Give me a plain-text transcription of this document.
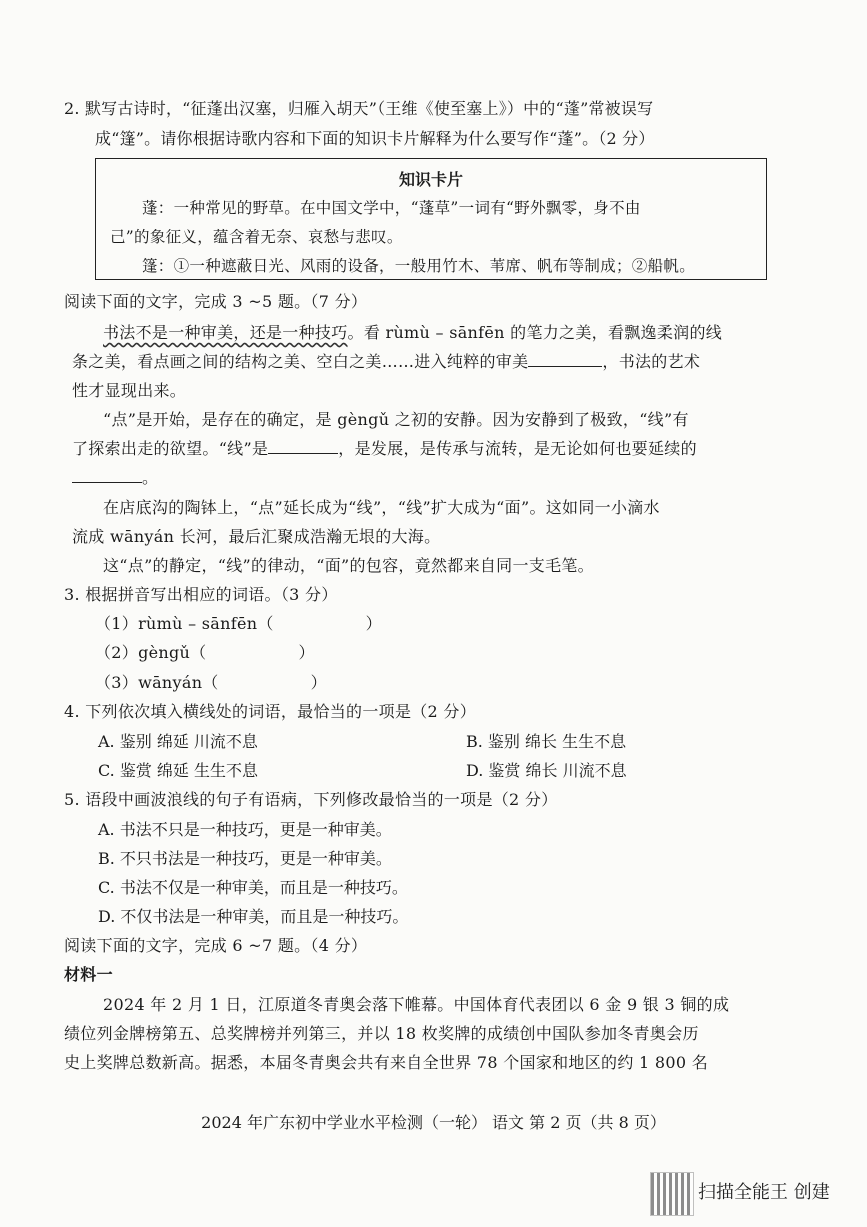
2. 默写古诗时，“征蓬出汉塞，归雁入胡天”（王维《使至塞上》）中的“蓬”常被误写
成“篷”。请你根据诗歌内容和下面的知识卡片解释为什么要写作“蓬”。（2 分）
知识卡片
蓬：一种常见的野草。在中国文学中，“蓬草”一词有“野外飘零，身不由
己”的象征义，蕴含着无奈、哀愁与悲叹。
篷：①一种遮蔽日光、风雨的设备，一般用竹木、苇席、帆布等制成；②船帆。
阅读下面的文字，完成 3 ~5 题。（7 分）
书法不是一种审美，还是一种技巧。看 rùmù – sānfēn 的笔力之美，看飘逸柔润的线
条之美，看点画之间的结构之美、空白之美……进入纯粹的审美	，书法的艺术
性才显现出来。
“点”是开始，是存在的确定，是 gèngǔ 之初的安静。因为安静到了极致，“线”有
了探索出走的欲望。“线”是	，是发展，是传承与流转，是无论如何也要延续的
。
在店底沟的陶钵上，“点”延长成为“线”，“线”扩大成为“面”。这如同一小滴水
流成 wānyán 长河，最后汇聚成浩瀚无垠的大海。
这“点”的静定，“线”的律动，“面”的包容，竟然都来自同一支毛笔。
3. 根据拼音写出相应的词语。（3 分）
（1）rùmù – sānfēn（	）
（2）gèngǔ（	）
（3）wānyán（	）
4. 下列依次填入横线处的词语，最恰当的一项是（2 分）
A. 鉴别 绵延 川流不息	B. 鉴别 绵长 生生不息
C. 鉴赏 绵延 生生不息	D. 鉴赏 绵长 川流不息
5. 语段中画波浪线的句子有语病，下列修改最恰当的一项是（2 分）
A. 书法不只是一种技巧，更是一种审美。
B. 不只书法是一种技巧，更是一种审美。
C. 书法不仅是一种审美，而且是一种技巧。
D. 不仅书法是一种审美，而且是一种技巧。
阅读下面的文字，完成 6 ~7 题。（4 分）
材料一
2024 年 2 月 1 日，江原道冬青奥会落下帷幕。中国体育代表团以 6 金 9 银 3 铜的成
绩位列金牌榜第五、总奖牌榜并列第三，并以 18 枚奖牌的成绩创中国队参加冬青奥会历
史上奖牌总数新高。据悉，本届冬青奥会共有来自全世界 78 个国家和地区的约 1 800 名
2024 年广东初中学业水平检测（一轮） 语文 第 2 页（共 8 页）
扫描全能王 创建
